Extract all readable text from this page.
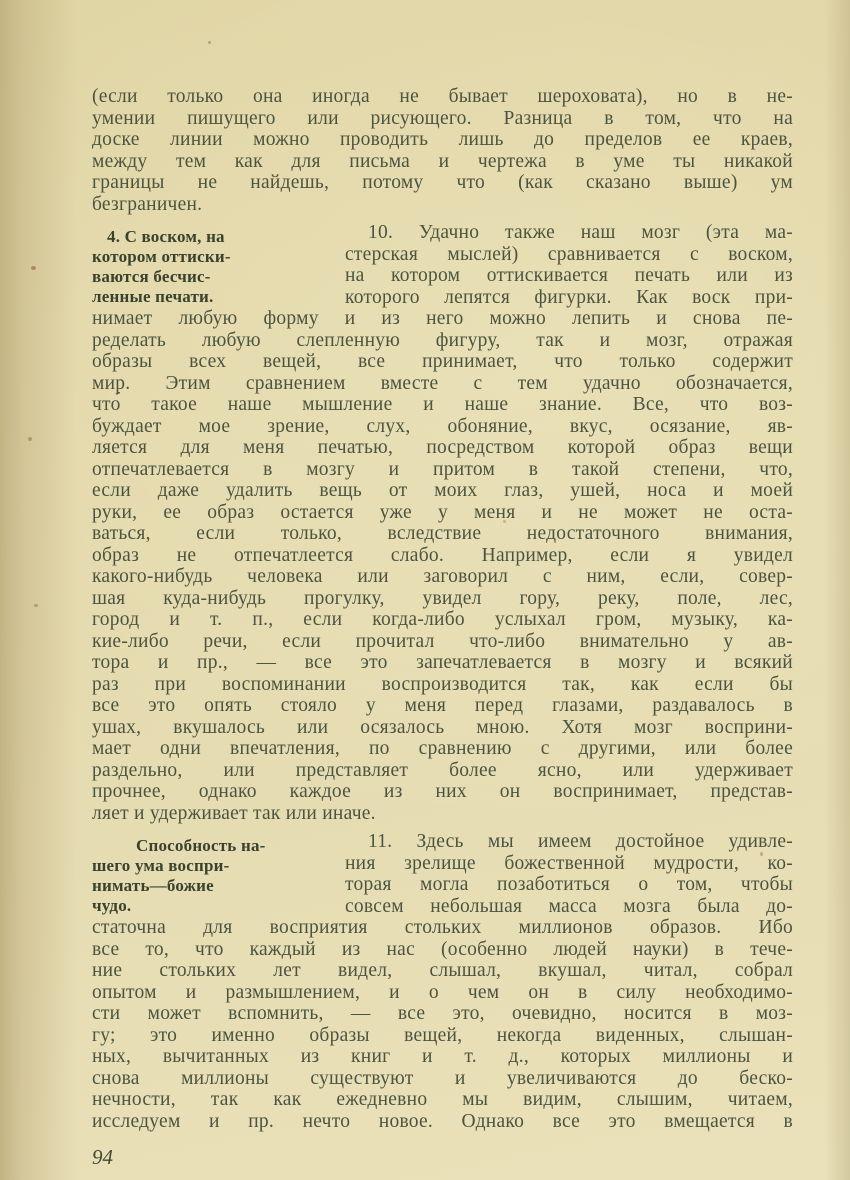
(если только она иногда не бывает шероховата), но в не-
умении пишущего или рисующего. Разница в том, что на
доске линии можно проводить лишь до пределов ее краев,
между тем как для письма и чертежа в уме ты никакой
границы не найдешь, потому что (как сказано выше) ум
безграничен.
4. С воском, на
котором оттиски-
ваются бесчис-
ленные печати.
10. Удачно также наш мозг (эта ма-
стерская мыслей) сравнивается с воском,
на котором оттискивается печать или из
которого лепятся фигурки. Как воск при-
нимает любую форму и из него можно лепить и снова пе-
ределать любую слепленную фигуру, так и мозг, отражая
образы всех вещей, все принимает, что только содержит
мир. Этим сравнением вместе с тем удачно обозначается,
что́ такое наше мышление и наше знание. Все, что воз-
буждает мое зрение, слух, обоняние, вкус, осязание, яв-
ляется для меня печатью, посредством которой образ вещи
отпечатлевается в мозгу и притом в такой степени, что,
если даже удалить вещь от моих глаз, ушей, носа и моей
руки, ее образ остается уже у меня и не может не оста-
ваться, если только, вследствие недостаточного внимания,
образ не отпечатлеется слабо. Например, если я увидел
какого-нибудь человека или заговорил с ним, если, совер-
шая куда-нибудь прогулку, увидел гору, реку, поле, лес,
город и т. п., если когда-либо услыхал гром, музыку, ка-
кие-либо речи, если прочитал что-либо внимательно у ав-
тора и пр., — все это запечатлевается в мозгу и всякий
раз при воспоминании воспроизводится так, как если бы
все это опять стояло у меня перед глазами, раздавалось в
ушах, вкушалось или осязалось мною. Хотя мозг восприни-
мает одни впечатления, по сравнению с другими, или более
раздельно, или представляет более ясно, или удерживает
прочнее, однако каждое из них он воспринимает, представ-
ляет и удерживает так или иначе.
Способность на-
шего ума воспри-
нимать—божие
чудо.
11. Здесь мы имеем достойное удивле-
ния зрелище божественной мудрости, ко-
торая могла позаботиться о том, чтобы
совсем небольшая масса мозга была до-
статочна для восприятия стольких миллионов образов. Ибо
все то, что каждый из нас (особенно людей науки) в тече-
ние стольких лет видел, слышал, вкушал, читал, собрал
опытом и размышлением, и о чем он в силу необходимо-
сти может вспомнить, — все это, очевидно, носится в моз-
гу; это именно образы вещей, некогда виденных, слышан-
ных, вычитанных из книг и т. д., которых миллионы и
снова миллионы существуют и увеличиваются до беско-
нечности, так как ежедневно мы видим, слышим, читаем,
исследуем и пр. нечто новое. Однако все это вмещается в
94
